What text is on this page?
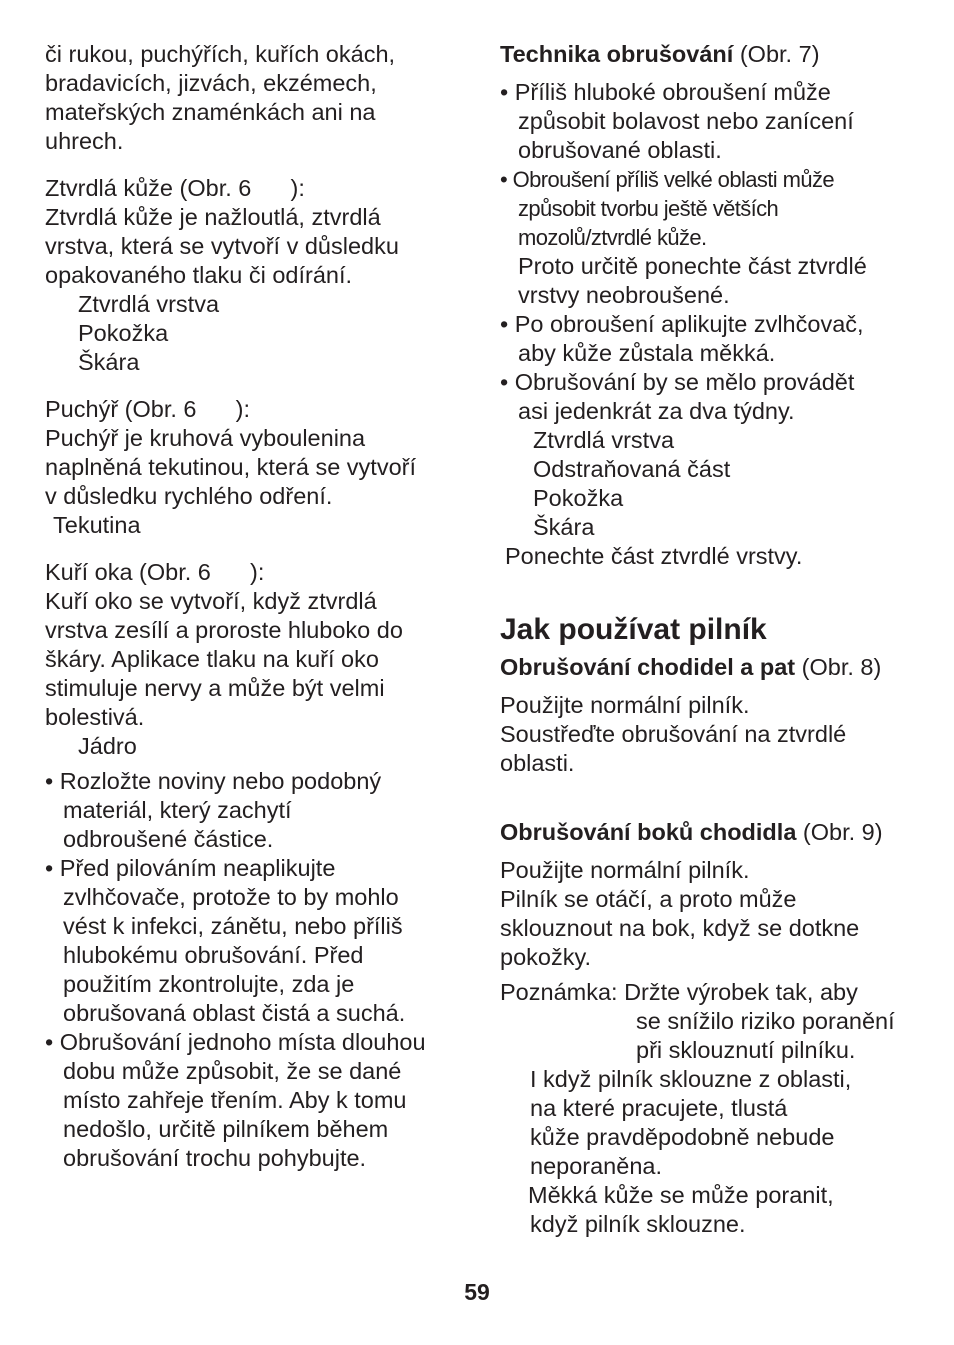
či rukou, puchýřích, kuřích okách,
bradavicích, jizvách, ekzémech,
mateřských znaménkách ani na
uhrech.
Ztvrdlá kůže (Obr. 6      ):
Ztvrdlá kůže je nažloutlá, ztvrdlá
vrstva, která se vytvoří v důsledku
opakovaného tlaku či odírání.
Ztvrdlá vrstva
Pokožka
Škára
Puchýř (Obr. 6      ):
Puchýř je kruhová vyboulenina
naplněná tekutinou, která se vytvoří
v důsledku rychlého odření.
Tekutina
Kuří oka (Obr. 6      ):
Kuří oko se vytvoří, když ztvrdlá
vrstva zesílí a proroste hluboko do
škáry. Aplikace tlaku na kuří oko
stimuluje nervy a může být velmi
bolestivá.
Jádro
• Rozložte noviny nebo podobný
materiál, který zachytí
odbroušené částice.
• Před pilováním neaplikujte
zvlhčovače, protože to by mohlo
vést k infekci, zánětu, nebo příliš
hlubokému obrušování. Před
použitím zkontrolujte, zda je
obrušovaná oblast čistá a suchá.
• Obrušování jednoho místa dlouhou
dobu může způsobit, že se dané
místo zahřeje třením. Aby k tomu
nedošlo, určitě pilníkem během
obrušování trochu pohybujte.
Technika obrušování (Obr. 7)
• Příliš hluboké obroušení může
způsobit bolavost nebo zanícení
obrušované oblasti.
• Obroušení příliš velké oblasti může
způsobit tvorbu ještě větších
mozolů/ztvrdlé kůže.
Proto určitě ponechte část ztvrdlé
vrstvy neobroušené.
• Po obroušení aplikujte zvlhčovač,
aby kůže zůstala měkká.
• Obrušování by se mělo provádět
asi jedenkrát za dva týdny.
Ztvrdlá vrstva
Odstraňovaná část
Pokožka
Škára
Ponechte část ztvrdlé vrstvy.
Jak používat pilník
Obrušování chodidel a pat (Obr. 8)
Použijte normální pilník.
Soustřeďte obrušování na ztvrdlé
oblasti.
Obrušování boků chodidla (Obr. 9)
Použijte normální pilník.
Pilník se otáčí, a proto může
sklouznout na bok, když se dotkne
pokožky.
Poznámka: Držte výrobek tak, aby
se snížilo riziko poranění
při sklouznutí pilníku.
I když pilník sklouzne z oblasti,
na které pracujete, tlustá
kůže pravděpodobně nebude
neporaněna.
Měkká kůže se může poranit,
když pilník sklouzne.
59
